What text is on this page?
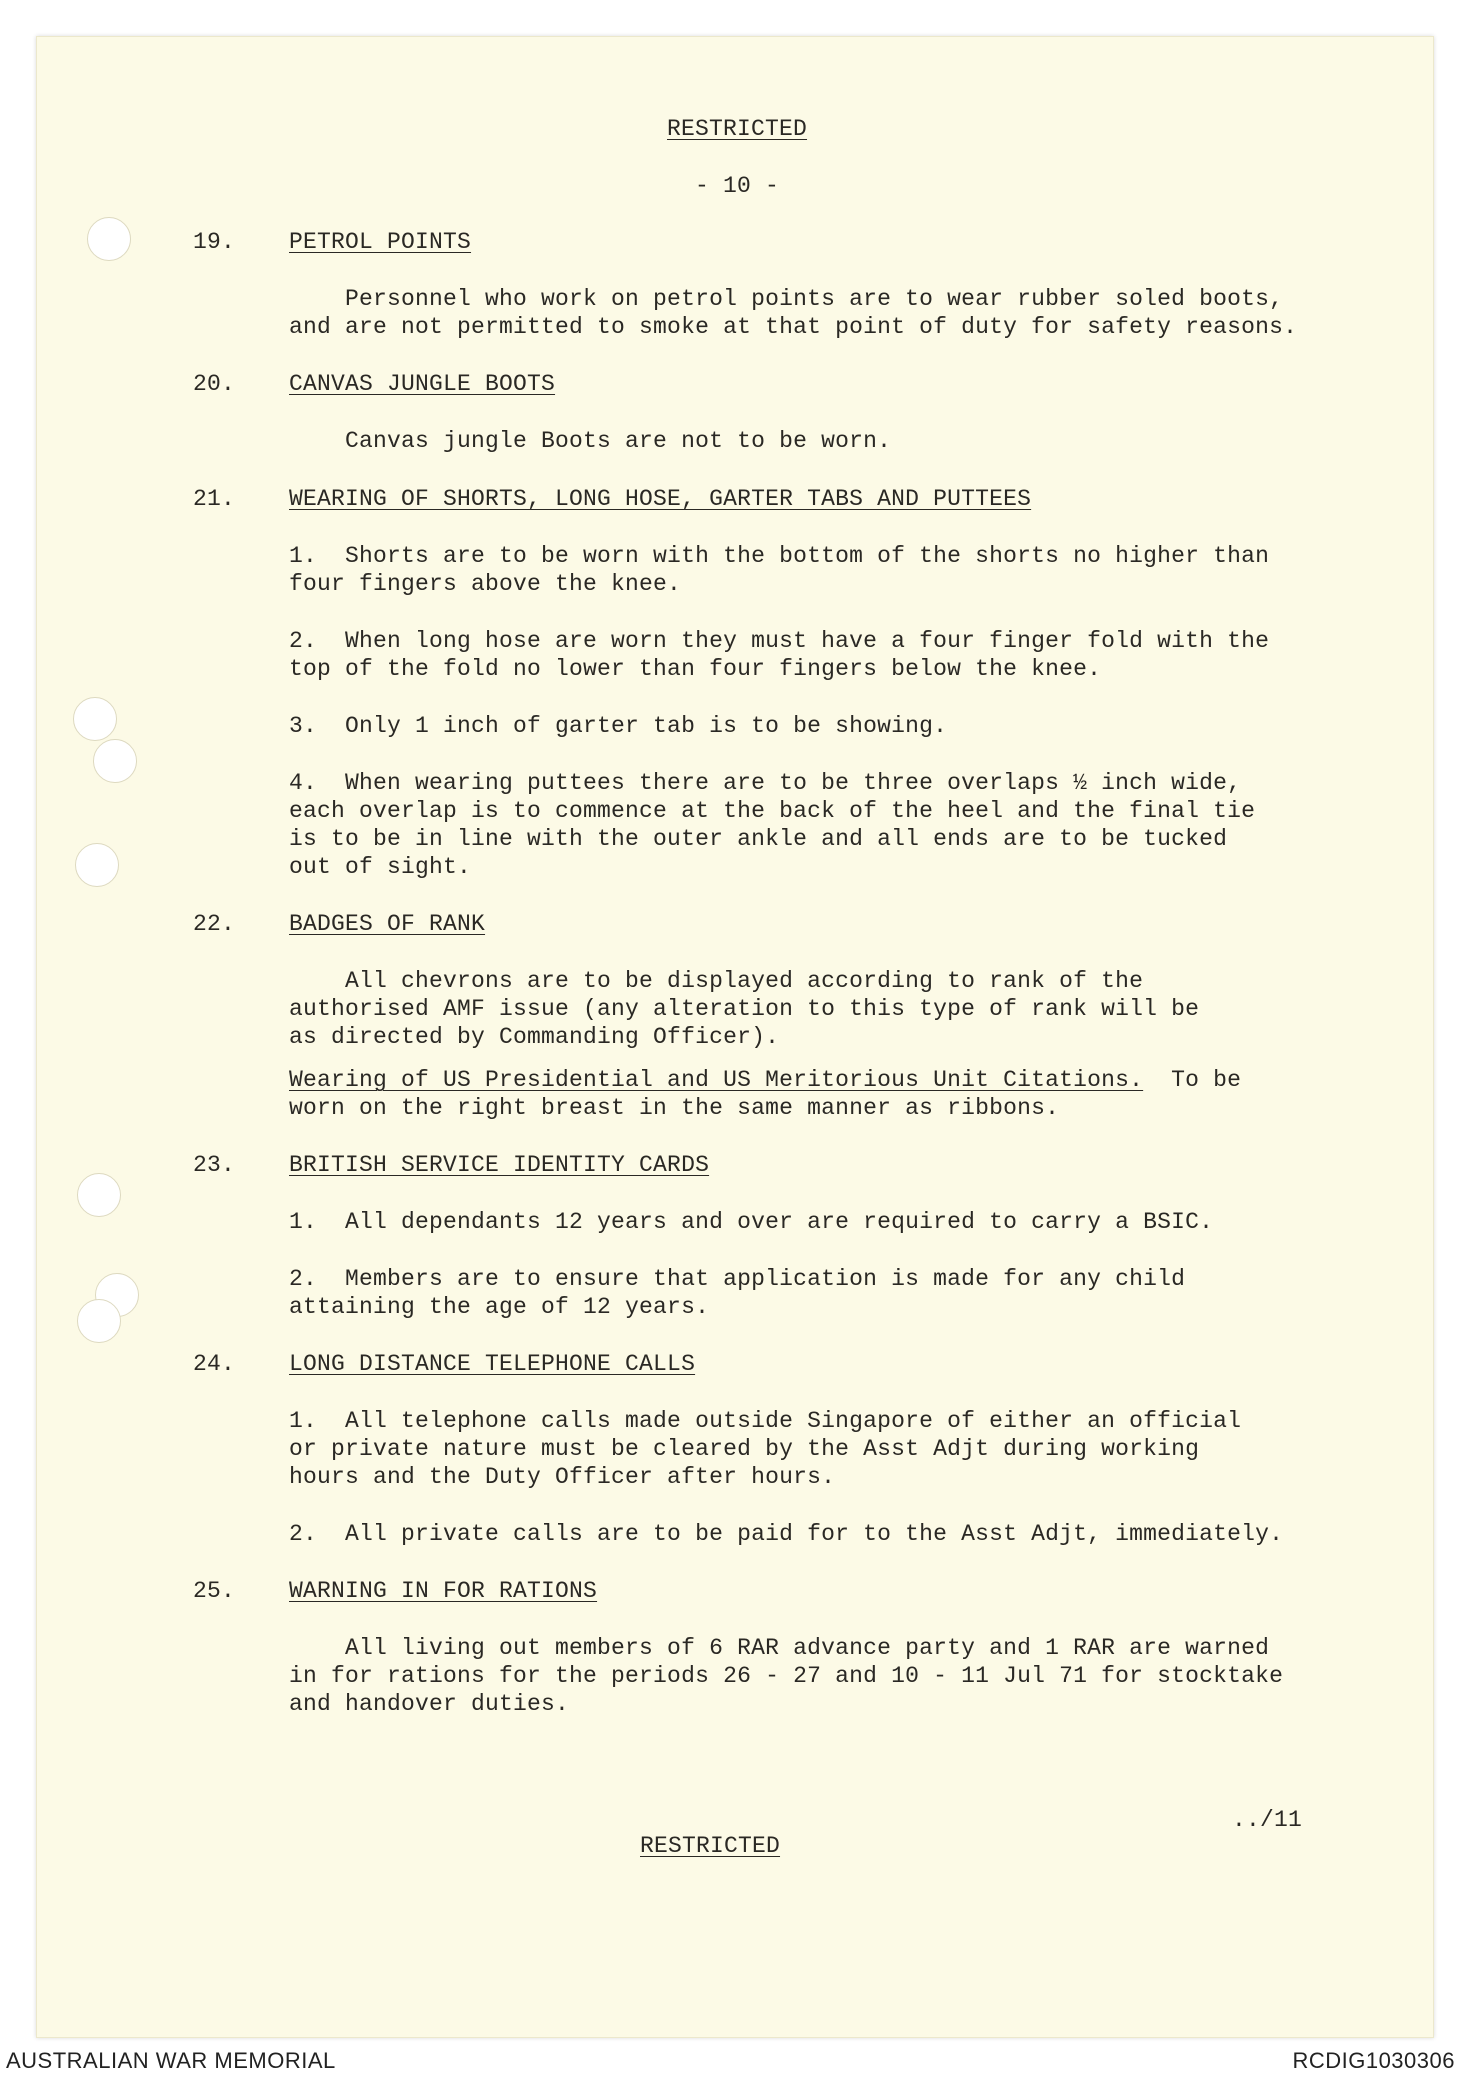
RESTRICTED
- 10 -
19. PETROL POINTS
Personnel who work on petrol points are to wear rubber soled boots,
and are not permitted to smoke at that point of duty for safety reasons.
20. CANVAS JUNGLE BOOTS
Canvas jungle Boots are not to be worn.
21. WEARING OF SHORTS, LONG HOSE, GARTER TABS AND PUTTEES
1.  Shorts are to be worn with the bottom of the shorts no higher than
four fingers above the knee.
2.  When long hose are worn they must have a four finger fold with the
top of the fold no lower than four fingers below the knee.
3.  Only 1 inch of garter tab is to be showing.
4.  When wearing puttees there are to be three overlaps ½ inch wide,
each overlap is to commence at the back of the heel and the final tie
is to be in line with the outer ankle and all ends are to be tucked
out of sight.
22. BADGES OF RANK
All chevrons are to be displayed according to rank of the
authorised AMF issue (any alteration to this type of rank will be
as directed by Commanding Officer).
Wearing of US Presidential and US Meritorious Unit Citations.  To be
worn on the right breast in the same manner as ribbons.
23. BRITISH SERVICE IDENTITY CARDS
1.  All dependants 12 years and over are required to carry a BSIC.
2.  Members are to ensure that application is made for any child
attaining the age of 12 years.
24. LONG DISTANCE TELEPHONE CALLS
1.  All telephone calls made outside Singapore of either an official
or private nature must be cleared by the Asst Adjt during working
hours and the Duty Officer after hours.
2.  All private calls are to be paid for to the Asst Adjt, immediately.
25. WARNING IN FOR RATIONS
All living out members of 6 RAR advance party and 1 RAR are warned
in for rations for the periods 26 - 27 and 10 - 11 Jul 71 for stocktake
and handover duties.
../11
RESTRICTED
AUSTRALIAN WAR MEMORIAL	RCDIG1030306
